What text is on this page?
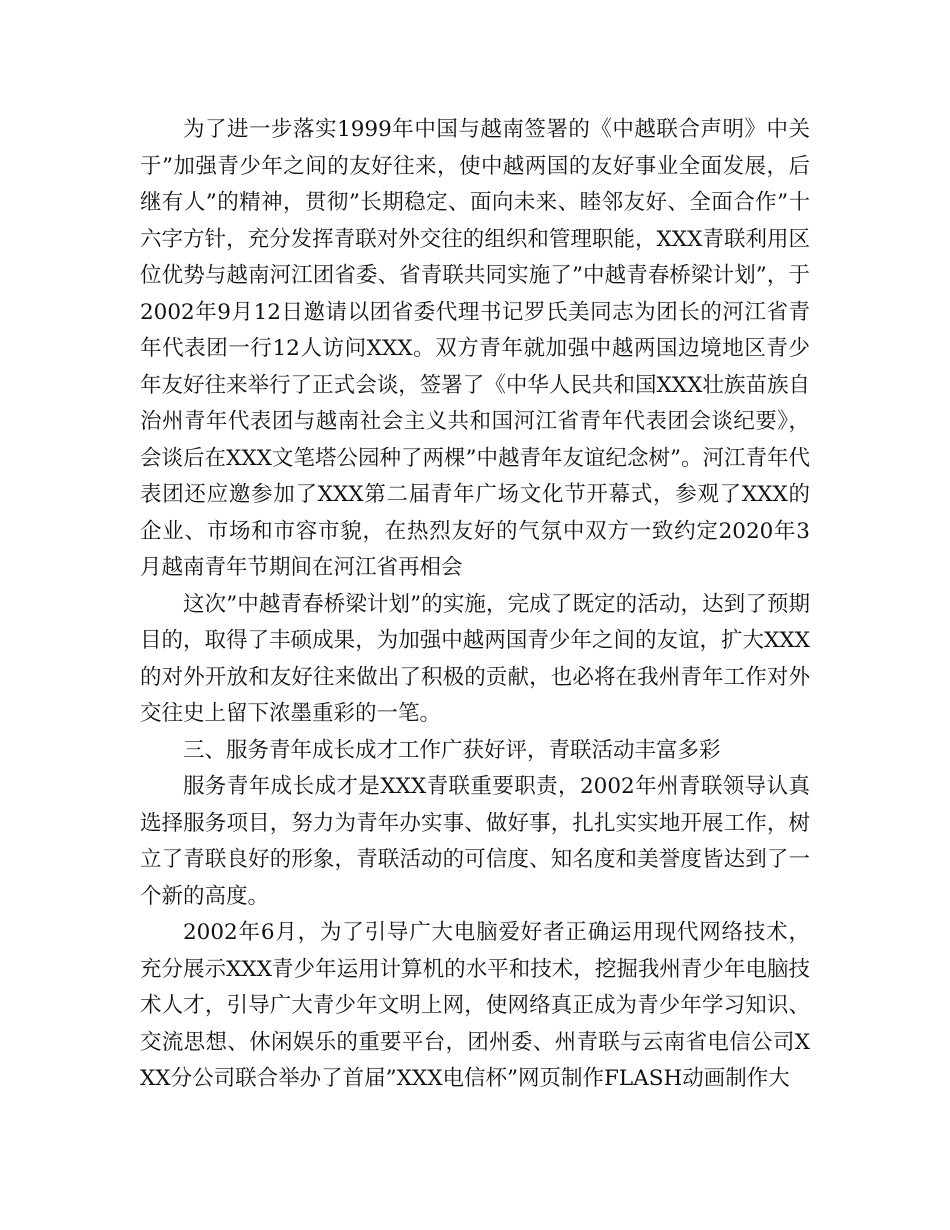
为了进一步落实1999年中国与越南签署的《中越联合声明》中关于”加强青少年之间的友好往来，使中越两国的友好事业全面发展，后继有人”的精神，贯彻”长期稳定、面向未来、睦邻友好、全面合作”十六字方针，充分发挥青联对外交往的组织和管理职能，XXX青联利用区位优势与越南河江团省委、省青联共同实施了”中越青春桥梁计划”，于2002年9月12日邀请以团省委代理书记罗氏美同志为团长的河江省青年代表团一行12人访问XXX。双方青年就加强中越两国边境地区青少年友好往来举行了正式会谈，签署了《中华人民共和国XXX壮族苗族自治州青年代表团与越南社会主义共和国河江省青年代表团会谈纪要》，会谈后在XXX文笔塔公园种了两棵”中越青年友谊纪念树”。河江青年代表团还应邀参加了XXX第二届青年广场文化节开幕式，参观了XXX的企业、市场和市容市貌，在热烈友好的气氛中双方一致约定2020年3月越南青年节期间在河江省再相会

这次”中越青春桥梁计划”的实施，完成了既定的活动，达到了预期目的，取得了丰硕成果，为加强中越两国青少年之间的友谊，扩大XXX的对外开放和友好往来做出了积极的贡献，也必将在我州青年工作对外交往史上留下浓墨重彩的一笔。

三、服务青年成长成才工作广获好评，青联活动丰富多彩

服务青年成长成才是XXX青联重要职责，2002年州青联领导认真选择服务项目，努力为青年办实事、做好事，扎扎实实地开展工作，树立了青联良好的形象，青联活动的可信度、知名度和美誉度皆达到了一个新的高度。

2002年6月，为了引导广大电脑爱好者正确运用现代网络技术，充分展示XXX青少年运用计算机的水平和技术，挖掘我州青少年电脑技术人才，引导广大青少年文明上网，使网络真正成为青少年学习知识、交流思想、休闲娱乐的重要平台，团州委、州青联与云南省电信公司XXX分公司联合举办了首届”XXX电信杯”网页制作FLASH动画制作大
